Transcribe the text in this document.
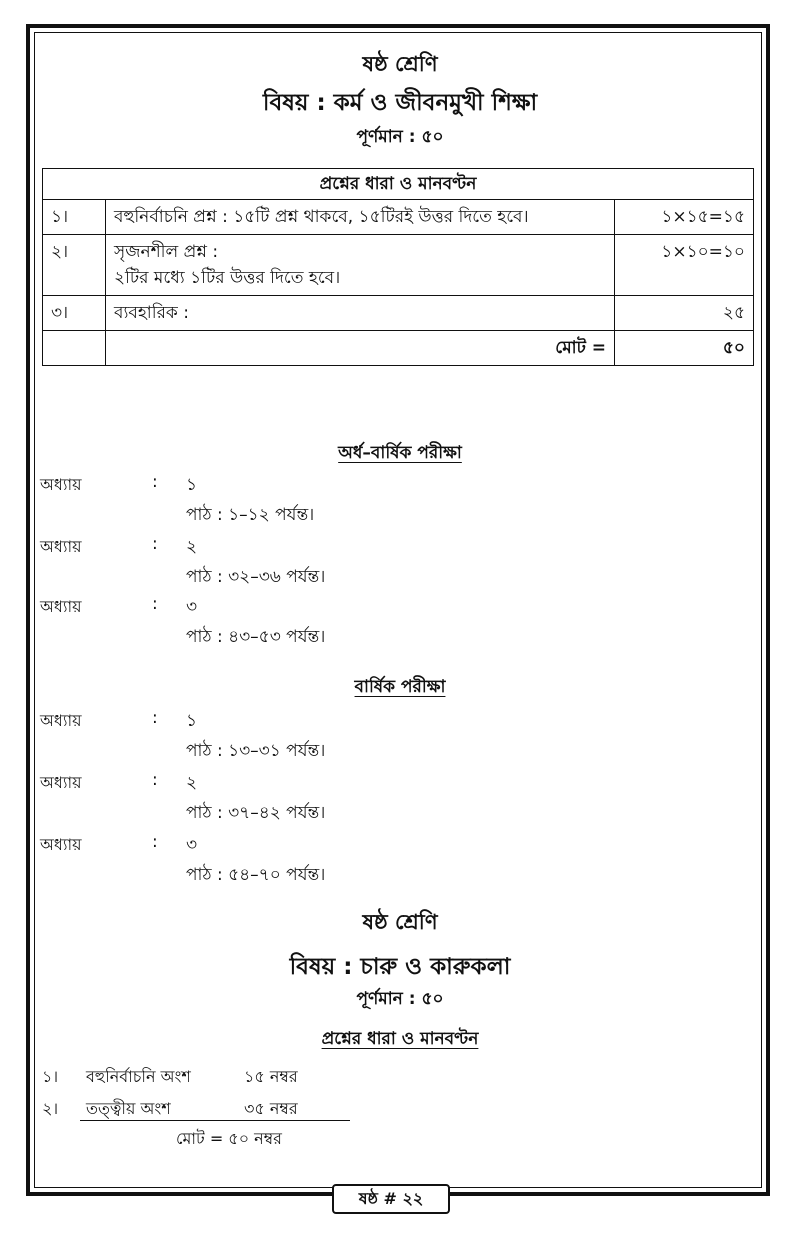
ষষ্ঠ শ্রেণি
বিষয় : কর্ম ও জীবনমুখী শিক্ষা
পূর্ণমান : ৫০
প্রশ্নের ধারা ও মানবণ্টন		
১।	বহুনির্বাচনি প্রশ্ন : ১৫টি প্রশ্ন থাকবে, ১৫টিরই উত্তর দিতে হবে।	১×১৫=১৫
২।	সৃজনশীল প্রশ্ন :
২টির মধ্যে ১টির উত্তর দিতে হবে।	১×১০=১০
৩।	ব্যবহারিক :	২৫
	মোট =	৫০
অর্ধ–বার্ষিক পরীক্ষা
অধ্যায়	: ১
পাঠ : ১–১২ পর্যন্ত।
অধ্যায়	: ২
পাঠ : ৩২–৩৬ পর্যন্ত।
অধ্যায়	: ৩
পাঠ : ৪৩–৫৩ পর্যন্ত।
বার্ষিক পরীক্ষা
অধ্যায়	: ১
পাঠ : ১৩–৩১ পর্যন্ত।
অধ্যায়	: ২
পাঠ : ৩৭–৪২ পর্যন্ত।
অধ্যায়	: ৩
পাঠ : ৫৪–৭০ পর্যন্ত।
ষষ্ঠ শ্রেণি
বিষয় : চারু ও কারুকলা
পূর্ণমান : ৫০
প্রশ্নের ধারা ও মানবণ্টন
১। বহুনির্বাচনি অংশ	১৫ নম্বর
২। তত্ত্বীয় অংশ	৩৫ নম্বর
মোট = ৫০ নম্বর
ষষ্ঠ # ২২
